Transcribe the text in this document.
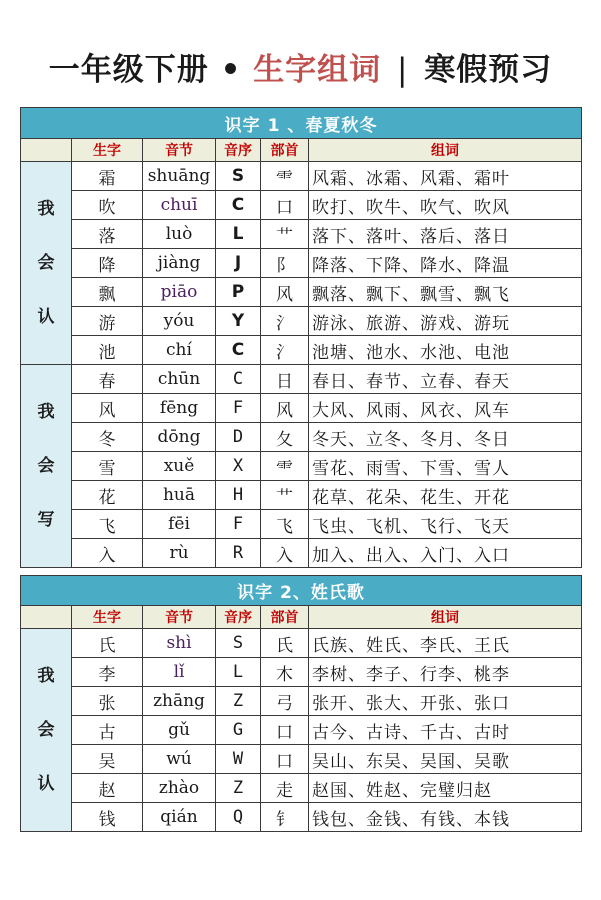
一年级下册 • 生字组词 | 寒假预习
识字 1 、春夏秋冬					
	生字	音节	音序	部首	组词

我
会
认	霜	shuāng	S	⻗	风霜、冰霜、风霜、霜叶
	吹	chuī	C	口	吹打、吹牛、吹气、吹风
	落	luò	L	艹	落下、落叶、落后、落日
	降	jiàng	J	阝	降落、下降、降水、降温
	飘	piāo	P	风	飘落、飘下、飘雪、飘飞
	游	yóu	Y	氵	游泳、旅游、游戏、游玩
	池	chí	C	氵	池塘、池水、水池、电池

我
会
写	春	chūn	C	日	春日、春节、立春、春天
	风	fēng	F	风	大风、风雨、风衣、风车
	冬	dōng	D	夂	冬天、立冬、冬月、冬日
	雪	xuě	X	⻗	雪花、雨雪、下雪、雪人
	花	huā	H	艹	花草、花朵、花生、开花
	飞	fēi	F	飞	飞虫、飞机、飞行、飞天
	入	rù	R	入	加入、出入、入门、入口
识字 2、姓氏歌					
	生字	音节	音序	部首	组词

我
会
认	氏	shì	S	氏	氏族、姓氏、李氏、王氏
	李	lǐ	L	木	李树、李子、行李、桃李
	张	zhāng	Z	弓	张开、张大、开张、张口
	古	gǔ	G	口	古今、古诗、千古、古时
	吴	wú	W	口	吴山、东吴、吴国、吴歌
	赵	zhào	Z	走	赵国、姓赵、完璧归赵
	钱	qián	Q	钅	钱包、金钱、有钱、本钱
